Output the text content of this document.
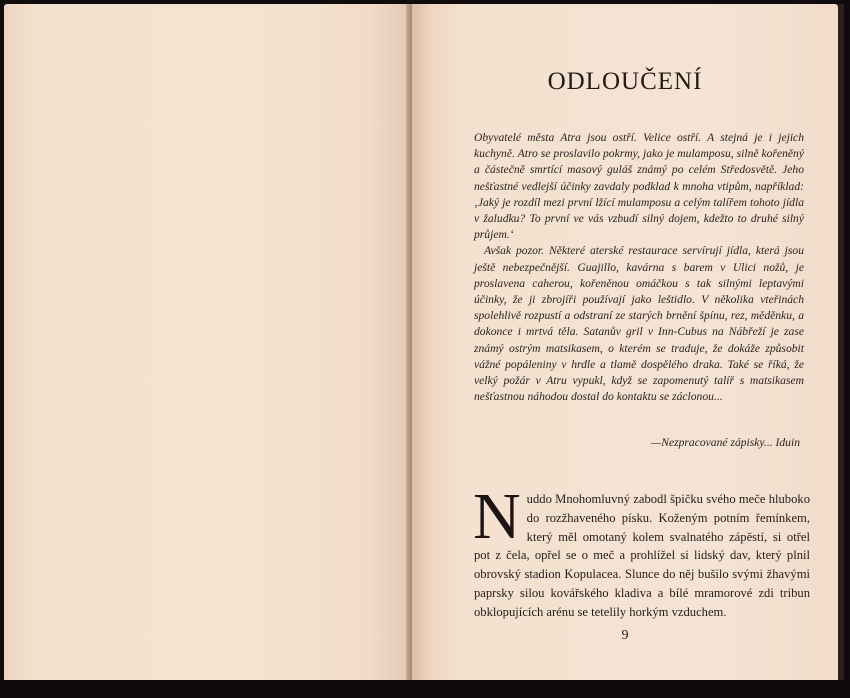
ODLOUČENÍ

Obyvatelé města Atra jsou ostří. Velice ostří. A stejná je i jejich kuchyně. Atro se proslavilo pokrmy, jako je mulamposu, silně kořeněný a částečně smrtící masový guláš známý po celém Středosvětě. Jeho nešťastné vedlejší účinky zavdaly podklad k mnoha vtipům, například: ‚Jaký je rozdíl mezi první lžící mulamposu a celým talířem tohoto jídla v žaludku? To první ve vás vzbudí silný dojem, kdežto to druhé silný průjem.‘

Avšak pozor. Některé aterské restaurace servírují jídla, která jsou ještě nebezpečnější. Guajillo, kavárna s barem v Ulici nožů, je proslavena caherou, kořeněnou omáčkou s tak silnými leptavými účinky, že ji zbrojíři používají jako leštidlo. V několika vteřinách spolehlivě rozpustí a odstraní ze starých brnění špínu, rez, měděnku, a dokonce i mrtvá těla. Satanův gril v Inn-Cubus na Nábřeží je zase známý ostrým matsikasem, o kterém se traduje, že dokáže způsobit vážné popáleniny v hrdle a tlamě dospělého draka. Také se říká, že velký požár v Atru vypukl, když se zapomenutý talíř s matsikasem nešťastnou náhodou dostal do kontaktu se záclonou...

—Nezpracované zápisky... Iduin
Nuddo Mnohomluvný zabodl špičku svého meče hluboko do rozžhaveného písku. Koženým potním řemínkem, který měl omotaný kolem svalnatého zápěstí, si otřel pot z čela, opřel se o meč a prohlížel si lidský dav, který plnil obrovský stadion Kopulacea. Slunce do něj bušilo svými žhavými paprsky silou kovářského kladiva a bílé mramorové zdi tribun obklopujících arénu se tetelily horkým vzduchem.
9
